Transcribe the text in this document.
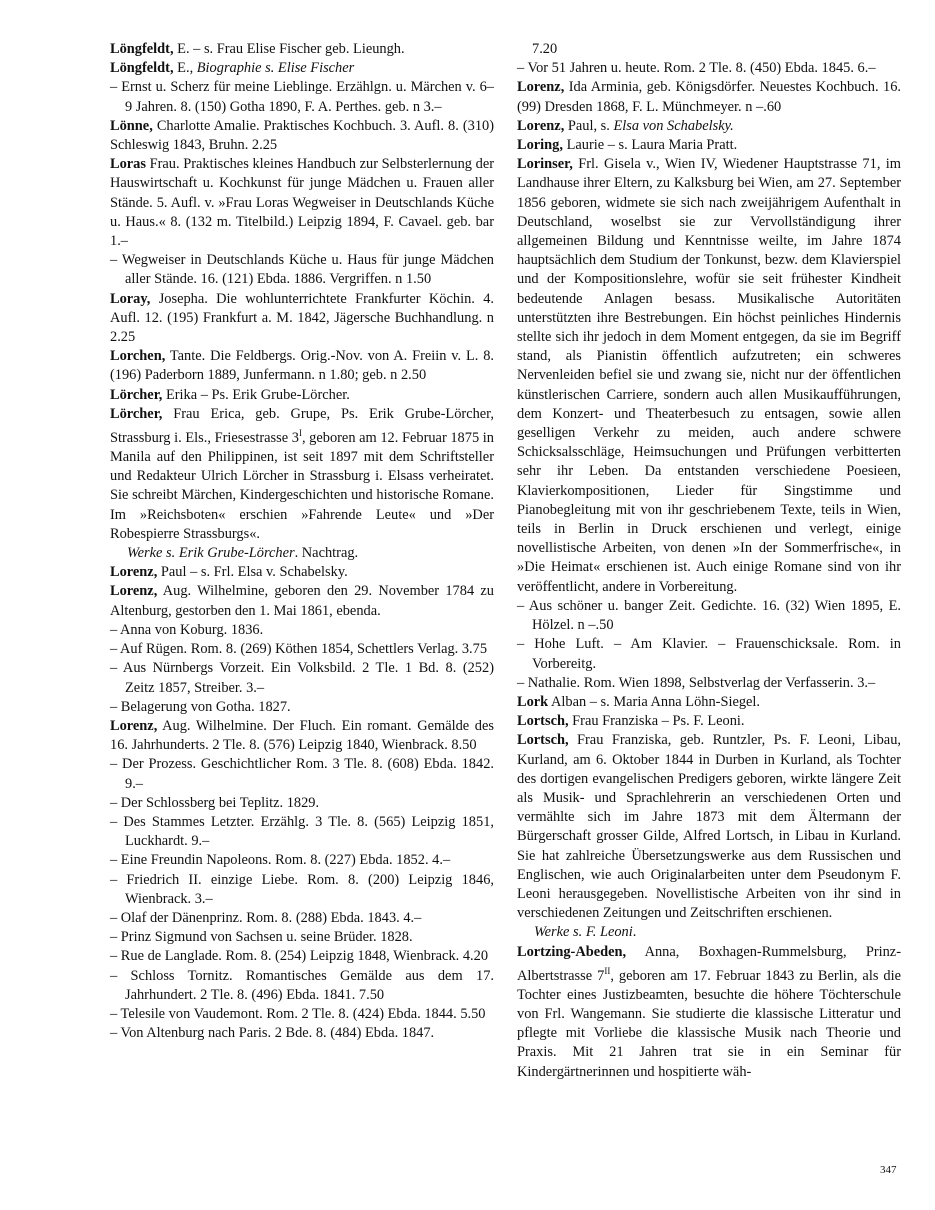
Löngfeldt, E. – s. Frau Elise Fischer geb. Lieungh.

Löngfeldt, E., Biographie s. Elise Fischer

– Ernst u. Scherz für meine Lieblinge. Erzählgn. u. Märchen v. 6–9 Jahren. 8. (150) Gotha 1890, F. A. Perthes. geb. n 3.–

Lönne, Charlotte Amalie. Praktisches Kochbuch. 3. Aufl. 8. (310) Schleswig 1843, Bruhn. 2.25

Loras Frau. Praktisches kleines Handbuch zur Selbsterlernung der Hauswirtschaft u. Kochkunst für junge Mädchen u. Frauen aller Stände. 5. Aufl. v. »Frau Loras Wegweiser in Deutschlands Küche u. Haus.« 8. (132 m. Titelbild.) Leipzig 1894, F. Cavael. geb. bar 1.–

– Wegweiser in Deutschlands Küche u. Haus für junge Mädchen aller Stände. 16. (121) Ebda. 1886. Vergriffen. n 1.50

Loray, Josepha. Die wohlunterrichtete Frankfurter Köchin. 4. Aufl. 12. (195) Frankfurt a. M. 1842, Jägersche Buchhandlung. n 2.25

Lorchen, Tante. Die Feldbergs. Orig.-Nov. von A. Freiin v. L. 8. (196) Paderborn 1889, Junfermann. n 1.80; geb. n 2.50

Lörcher, Erika – Ps. Erik Grube-Lörcher.

Lörcher, Frau Erica, geb. Grupe, Ps. Erik Grube-Lörcher, Strassburg i. Els., Friesestrasse $3^I$, geboren am 12. Februar 1875 in Manila auf den Philippinen, ist seit 1897 mit dem Schriftsteller und Redakteur Ulrich Lörcher in Strassburg i. Elsass verheiratet. Sie schreibt Märchen, Kindergeschichten und historische Romane. Im »Reichsboten« erschien »Fahrende Leute« und »Der Robespierre Strassburgs«.

Werke s. Erik Grube-Lörcher. Nachtrag.

Lorenz, Paul – s. Frl. Elsa v. Schabelsky.

Lorenz, Aug. Wilhelmine, geboren den 29. November 1784 zu Altenburg, gestorben den 1. Mai 1861, ebenda.

– Anna von Koburg. 1836.

– Auf Rügen. Rom. 8. (269) Köthen 1854, Schettlers Verlag. 3.75

– Aus Nürnbergs Vorzeit. Ein Volksbild. 2 Tle. 1 Bd. 8. (252) Zeitz 1857, Streiber. 3.–

– Belagerung von Gotha. 1827.

Lorenz, Aug. Wilhelmine. Der Fluch. Ein romant. Gemälde des 16. Jahrhunderts. 2 Tle. 8. (576) Leipzig 1840, Wienbrack. 8.50

– Der Prozess. Geschichtlicher Rom. 3 Tle. 8. (608) Ebda. 1842. 9.–

– Der Schlossberg bei Teplitz. 1829.

– Des Stammes Letzter. Erzählg. 3 Tle. 8. (565) Leipzig 1851, Luckhardt. 9.–

– Eine Freundin Napoleons. Rom. 8. (227) Ebda. 1852. 4.–

– Friedrich II. einzige Liebe. Rom. 8. (200) Leipzig 1846, Wienbrack. 3.–

– Olaf der Dänenprinz. Rom. 8. (288) Ebda. 1843. 4.–

– Prinz Sigmund von Sachsen u. seine Brüder. 1828.

– Rue de Langlade. Rom. 8. (254) Leipzig 1848, Wienbrack. 4.20

– Schloss Tornitz. Romantisches Gemälde aus dem 17. Jahrhundert. 2 Tle. 8. (496) Ebda. 1841. 7.50

– Telesile von Vaudemont. Rom. 2 Tle. 8. (424) Ebda. 1844. 5.50

– Von Altenburg nach Paris. 2 Bde. 8. (484) Ebda. 1847.

7.20

– Vor 51 Jahren u. heute. Rom. 2 Tle. 8. (450) Ebda. 1845. 6.–

Lorenz, Ida Arminia, geb. Königsdörfer. Neuestes Kochbuch. 16. (99) Dresden 1868, F. L. Münchmeyer. n –.60

Lorenz, Paul, s. Elsa von Schabelsky.

Loring, Laurie – s. Laura Maria Pratt.

Lorinser, Frl. Gisela v., Wien IV, Wiedener Hauptstrasse 71, im Landhause ihrer Eltern, zu Kalksburg bei Wien, am 27. September 1856 geboren, widmete sie sich nach zweijährigem Aufenthalt in Deutschland, woselbst sie zur Vervollständigung ihrer allgemeinen Bildung und Kenntnisse weilte, im Jahre 1874 hauptsächlich dem Studium der Tonkunst, bezw. dem Klavierspiel und der Kompositionslehre, wofür sie seit frühester Kindheit bedeutende Anlagen besass. Musikalische Autoritäten unterstützten ihre Bestrebungen. Ein höchst peinliches Hindernis stellte sich ihr jedoch in dem Moment entgegen, da sie im Begriff stand, als Pianistin öffentlich aufzutreten; ein schweres Nervenleiden befiel sie und zwang sie, nicht nur der öffentlichen künstlerischen Carriere, sondern auch allen Musikaufführungen, dem Konzert- und Theaterbesuch zu entsagen, sowie allen geselligen Verkehr zu meiden, auch andere schwere Schicksalsschläge, Heimsuchungen und Prüfungen verbitterten sehr ihr Leben. Da entstanden verschiedene Poesieen, Klavierkompositionen, Lieder für Singstimme und Pianobegleitung mit von ihr geschriebenem Texte, teils in Wien, teils in Berlin in Druck erschienen und verlegt, einige novellistische Arbeiten, von denen »In der Sommerfrische«, in »Die Heimat« erschienen ist. Auch einige Romane sind von ihr veröffentlicht, andere in Vorbereitung.

– Aus schöner u. banger Zeit. Gedichte. 16. (32) Wien 1895, E. Hölzel. n –.50

– Hohe Luft. – Am Klavier. – Frauenschicksale. Rom. in Vorbereitg.

– Nathalie. Rom. Wien 1898, Selbstverlag der Verfasserin. 3.–

Lork Alban – s. Maria Anna Löhn-Siegel.

Lortsch, Frau Franziska – Ps. F. Leoni.

Lortsch, Frau Franziska, geb. Runtzler, Ps. F. Leoni, Libau, Kurland, am 6. Oktober 1844 in Durben in Kurland, als Tochter des dortigen evangelischen Predigers geboren, wirkte längere Zeit als Musik- und Sprachlehrerin an verschiedenen Orten und vermählte sich im Jahre 1873 mit dem Ältermann der Bürgerschaft grosser Gilde, Alfred Lortsch, in Libau in Kurland. Sie hat zahlreiche Übersetzungswerke aus dem Russischen und Englischen, wie auch Originalarbeiten unter dem Pseudonym F. Leoni herausgegeben. Novellistische Arbeiten von ihr sind in verschiedenen Zeitungen und Zeitschriften erschienen.

Werke s. F. Leoni.

Lortzing-Abeden, Anna, Boxhagen-Rummelsburg, Prinz-Albertstrasse $7^{II}$, geboren am 17. Februar 1843 zu Berlin, als die Tochter eines Justizbeamten, besuchte die höhere Töchterschule von Frl. Wangemann. Sie studierte die klassische Litteratur und pflegte mit Vorliebe die klassische Musik nach Theorie und Praxis. Mit 21 Jahren trat sie in ein Seminar für Kindergärtnerinnen und hospitierte wäh-

347
